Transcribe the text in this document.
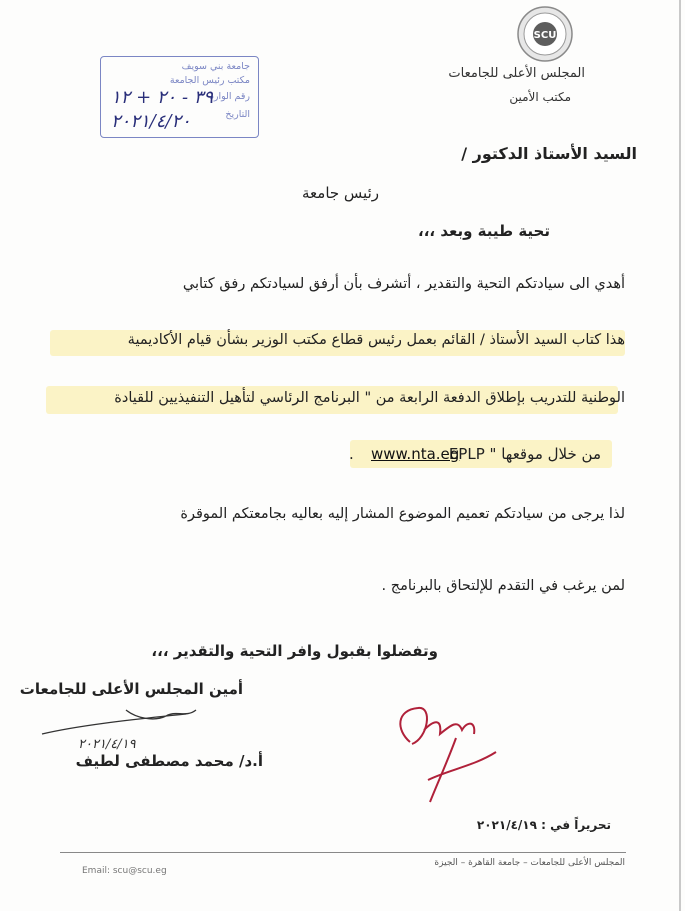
SCU
المجلس الأعلى للجامعات
مكتب الأمين
جامعة بني سويف
مكتب رئيس الجامعة
رقم الوارد
التاريخ
٣٩ - ٢٠ + ١٢
٢٠٢١/٤/٢٠
السيد الأستاذ الدكتور /
رئيس جامعة
تحية طيبة وبعد ،،،
أهدي الى سيادتكم التحية والتقدير ، أتشرف بأن أرفق لسيادتكم رفق كتابي
هذا كتاب السيد الأستاذ / القائم بعمل رئيس قطاع مكتب الوزير بشأن قيام الأكاديمية
الوطنية للتدريب بإطلاق الدفعة الرابعة من " البرنامج الرئاسي لتأهيل التنفيذيين للقيادة
EPLP " من خلال موقعها
www.nta.eg
.
لذا يرجى من سيادتكم تعميم الموضوع المشار إليه بعاليه بجامعتكم الموقرة
لمن يرغب في التقدم للإلتحاق بالبرنامج .
وتفضلوا بقبول وافر التحية والتقدير ،،،
أمين المجلس الأعلى للجامعات
٢٠٢١/٤/١٩
أ.د/ محمد مصطفى لطيف
تحريراً في : ٢٠٢١/٤/١٩
المجلس الأعلى للجامعات – جامعة القاهرة – الجيزة
Email: scu@scu.eg
